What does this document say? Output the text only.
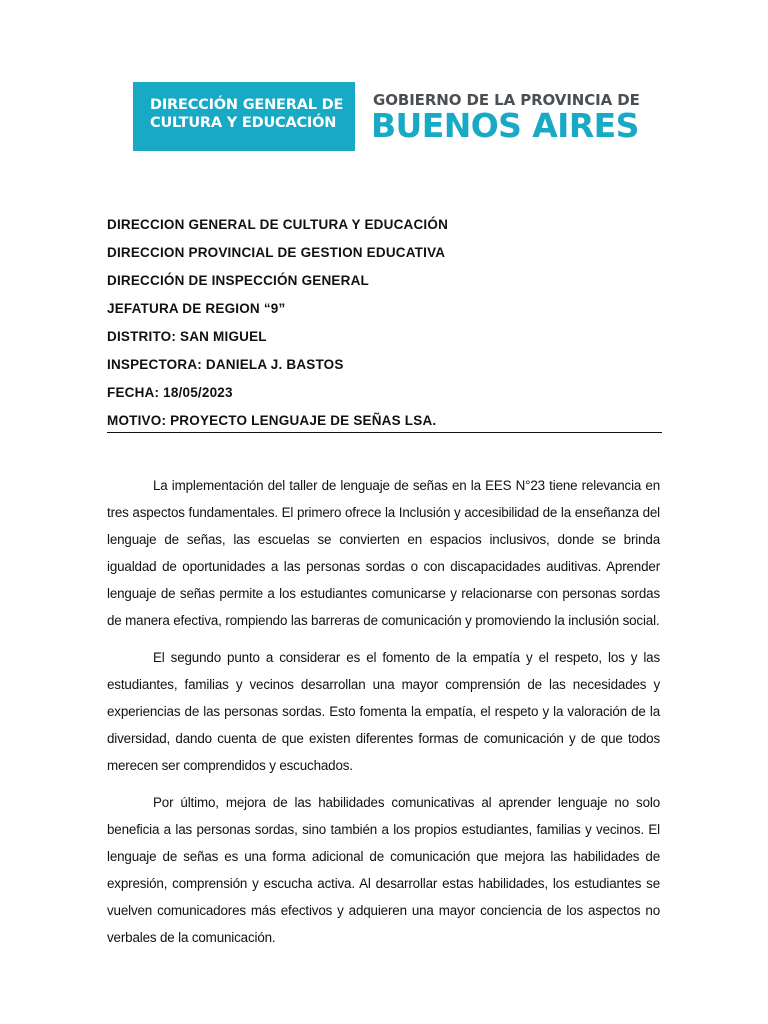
DIRECCIÓN GENERAL DE
CULTURA Y EDUCACIÓN
GOBIERNO DE LA PROVINCIA DE
BUENOS AIRES
DIRECCION GENERAL DE CULTURA Y EDUCACIÓN
DIRECCION PROVINCIAL DE GESTION EDUCATIVA
DIRECCIÓN DE INSPECCIÓN GENERAL
JEFATURA DE REGION “9”
DISTRITO: SAN MIGUEL
INSPECTORA: DANIELA J. BASTOS
FECHA: 18/05/2023
MOTIVO: PROYECTO LENGUAJE DE SEÑAS LSA.

La implementación del taller de lenguaje de señas en la EES N°23 tiene relevancia en tres aspectos fundamentales. El primero ofrece la Inclusión y accesibilidad de la enseñanza del lenguaje de señas, las escuelas se convierten en espacios inclusivos, donde se brinda igualdad de oportunidades a las personas sordas o con discapacidades auditivas. Aprender lenguaje de señas permite a los estudiantes comunicarse y relacionarse con personas sordas de manera efectiva, rompiendo las barreras de comunicación y promoviendo la inclusión social.

El segundo punto a considerar es el fomento de la empatía y el respeto, los y las estudiantes, familias y vecinos desarrollan una mayor comprensión de las necesidades y experiencias de las personas sordas. Esto fomenta la empatía, el respeto y la valoración de la diversidad, dando cuenta de que existen diferentes formas de comunicación y de que todos merecen ser comprendidos y escuchados.

Por último, mejora de las habilidades comunicativas al aprender lenguaje no solo beneficia a las personas sordas, sino también a los propios estudiantes, familias y vecinos. El lenguaje de señas es una forma adicional de comunicación que mejora las habilidades de expresión, comprensión y escucha activa. Al desarrollar estas habilidades, los estudiantes se vuelven comunicadores más efectivos y adquieren una mayor conciencia de los aspectos no verbales de la comunicación.
